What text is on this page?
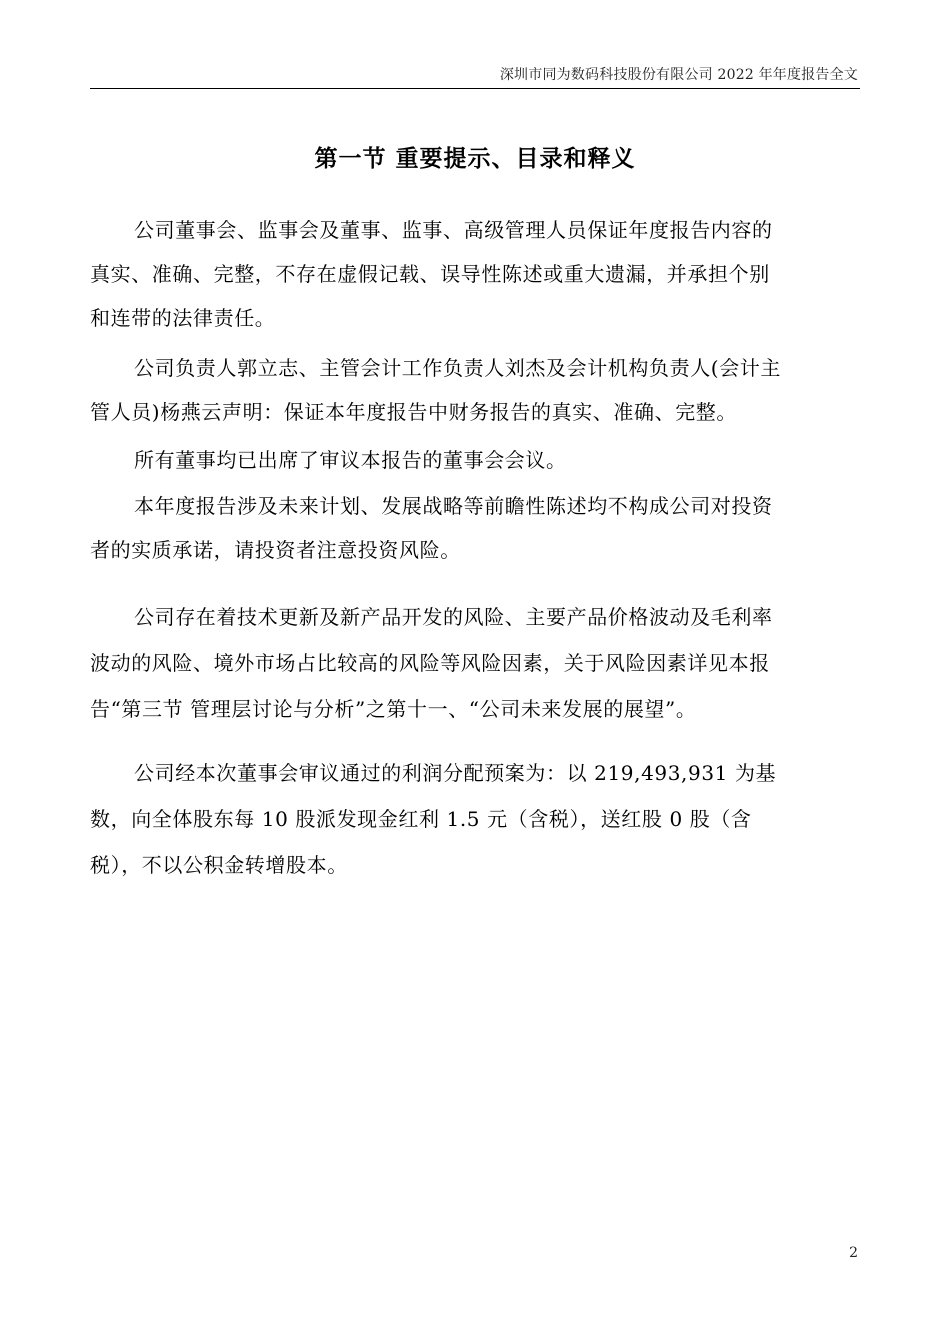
深圳市同为数码科技股份有限公司 2022 年年度报告全文
第一节 重要提示、目录和释义

公司董事会、监事会及董事、监事、高级管理人员保证年度报告内容的
真实、准确、完整，不存在虚假记载、误导性陈述或重大遗漏，并承担个别
和连带的法律责任。

公司负责人郭立志、主管会计工作负责人刘杰及会计机构负责人(会计主
管人员)杨燕云声明：保证本年度报告中财务报告的真实、准确、完整。

所有董事均已出席了审议本报告的董事会会议。

本年度报告涉及未来计划、发展战略等前瞻性陈述均不构成公司对投资
者的实质承诺，请投资者注意投资风险。

公司存在着技术更新及新产品开发的风险、主要产品价格波动及毛利率
波动的风险、境外市场占比较高的风险等风险因素，关于风险因素详见本报
告“第三节 管理层讨论与分析”之第十一、“公司未来发展的展望”。

公司经本次董事会审议通过的利润分配预案为：以 219,493,931 为基
数，向全体股东每 10 股派发现金红利 1.5 元（含税），送红股 0 股（含
税），不以公积金转增股本。

2
